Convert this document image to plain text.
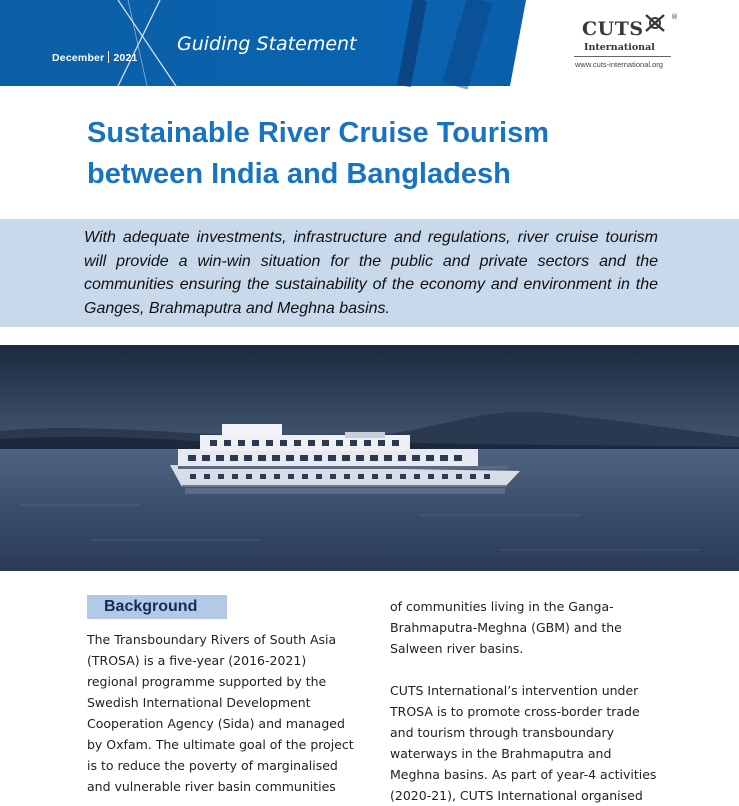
December 2021
Guiding Statement
CUTS
®
International
www.cuts-international.org
Sustainable River Cruise Tourism
between India and Bangladesh
With adequate investments, infrastructure and regulations, river cruise tourism will provide a win-win situation for the public and private sectors and the communities ensuring the sustainability of the economy and environment in the Ganges, Brahmaputra and Meghna basins.
Background

The Transboundary Rivers of South Asia (TROSA) is a five-year (2016-2021) regional programme supported by the Swedish International Development Cooperation Agency (Sida) and managed by Oxfam. The ultimate goal of the project is to reduce the poverty of marginalised and vulnerable river basin communities

of communities living in the Ganga-Brahmaputra-Meghna (GBM) and the Salween river basins.

CUTS International’s intervention under TROSA is to promote cross-border trade and tourism through transboundary waterways in the Brahmaputra and Meghna basins. As part of year-4 activities (2020-21), CUTS International organised
